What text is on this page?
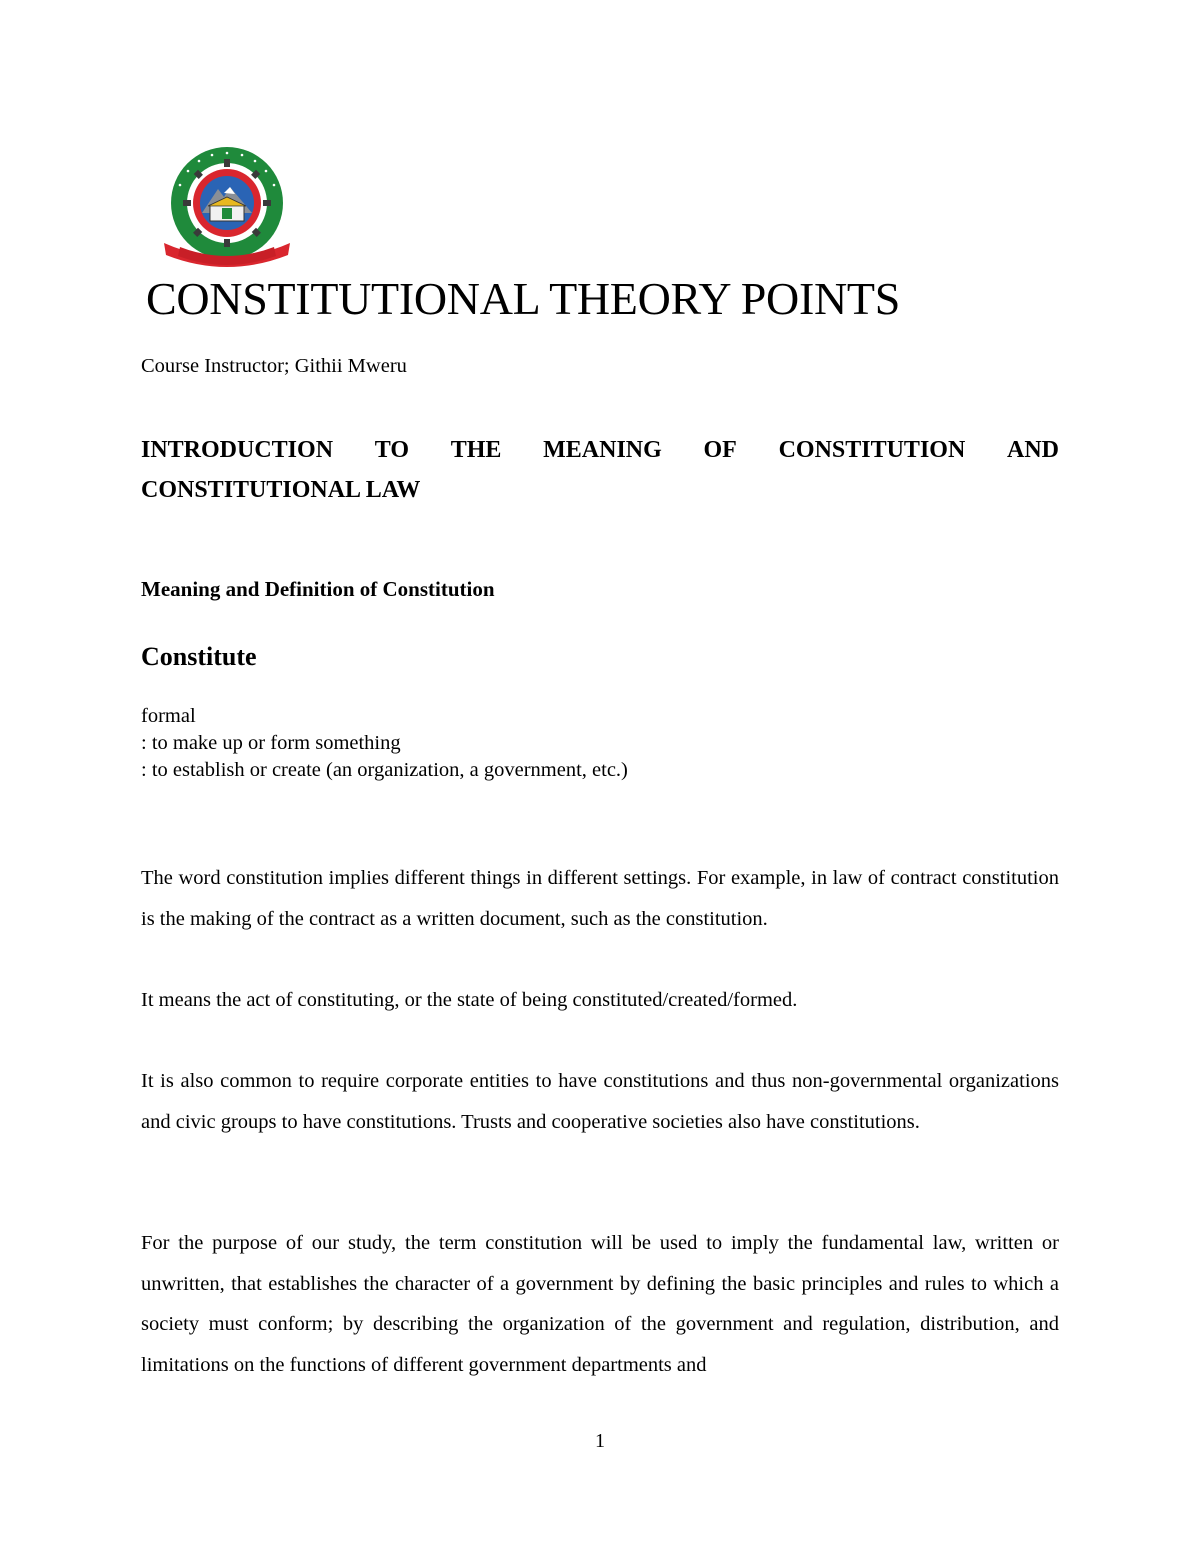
CONSTITUTIONAL THEORY POINTS
Course Instructor; Githii Mweru
INTRODUCTION TO THE MEANING OF CONSTITUTION AND
CONSTITUTIONAL LAW
Meaning and Definition of Constitution
Constitute
formal
: to make up or form something
: to establish or create (an organization, a government, etc.)

The word constitution implies different things in different settings. For example, in law of contract constitution is the making of the contract as a written document, such as the constitution.

It means the act of constituting, or the state of being constituted/created/formed.

It is also common to require corporate entities to have constitutions and thus non-governmental organizations and civic groups to have constitutions. Trusts and cooperative societies also have constitutions.

For the purpose of our study, the term constitution will be used to imply the fundamental law, written or unwritten, that establishes the character of a government by defining the basic principles and rules to which a society must conform; by describing the organization of the government and regulation, distribution, and limitations on the functions of different government departments and

1
